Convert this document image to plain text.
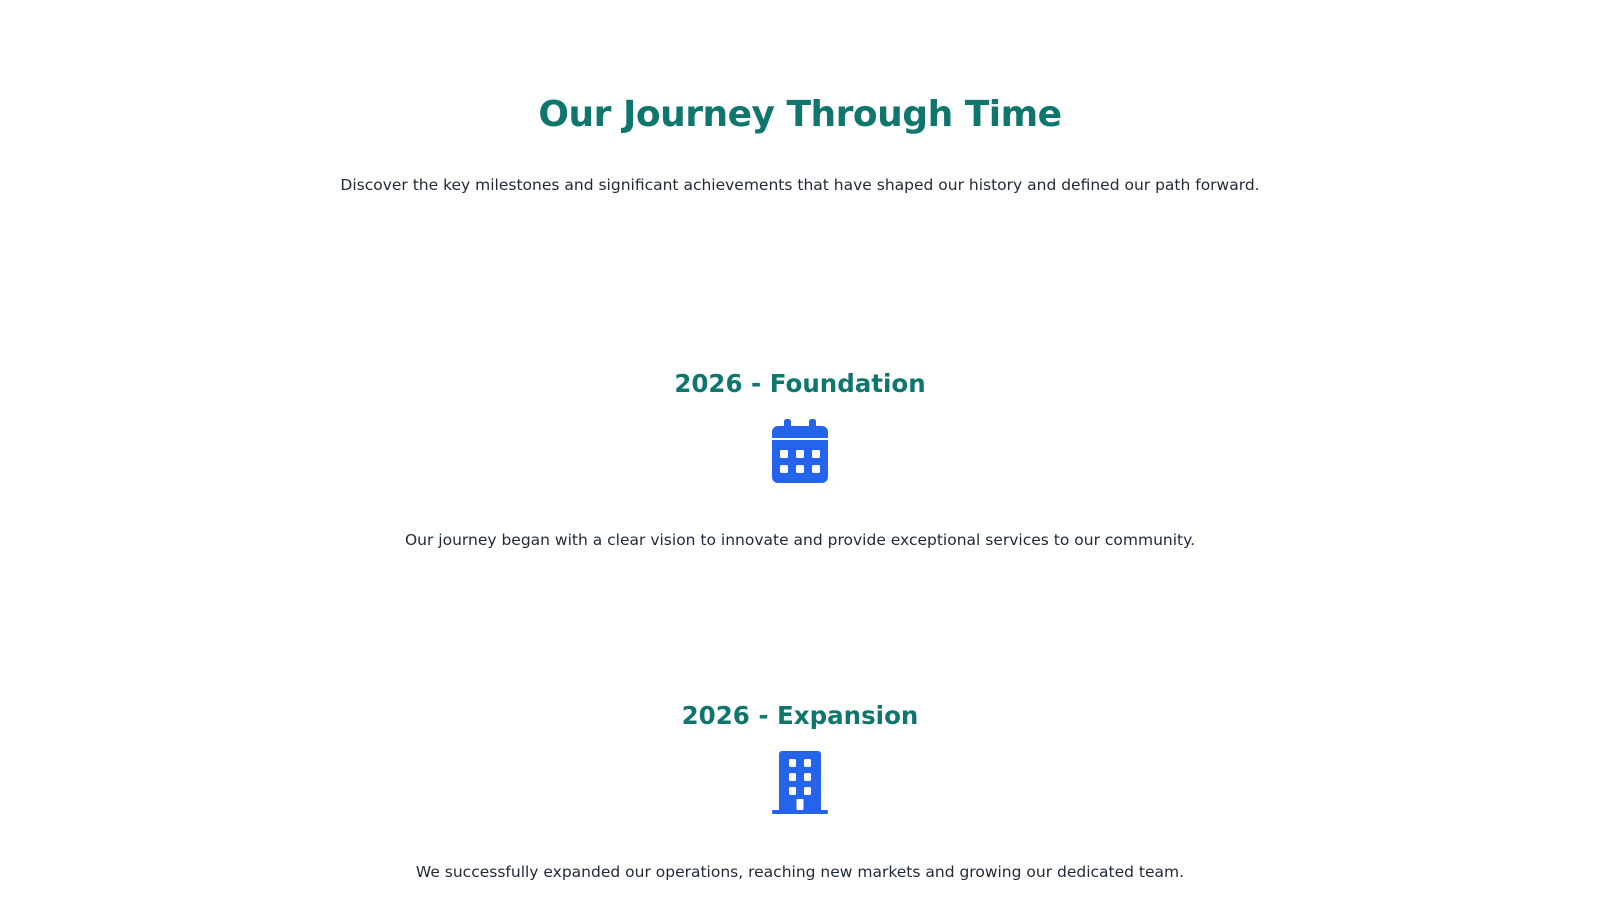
Our Journey Through Time

Discover the key milestones and significant achievements that have shaped our history and defined our path forward.

2026 - Foundation

Our journey began with a clear vision to innovate and provide exceptional services to our community.

2026 - Expansion

We successfully expanded our operations, reaching new markets and growing our dedicated team.
